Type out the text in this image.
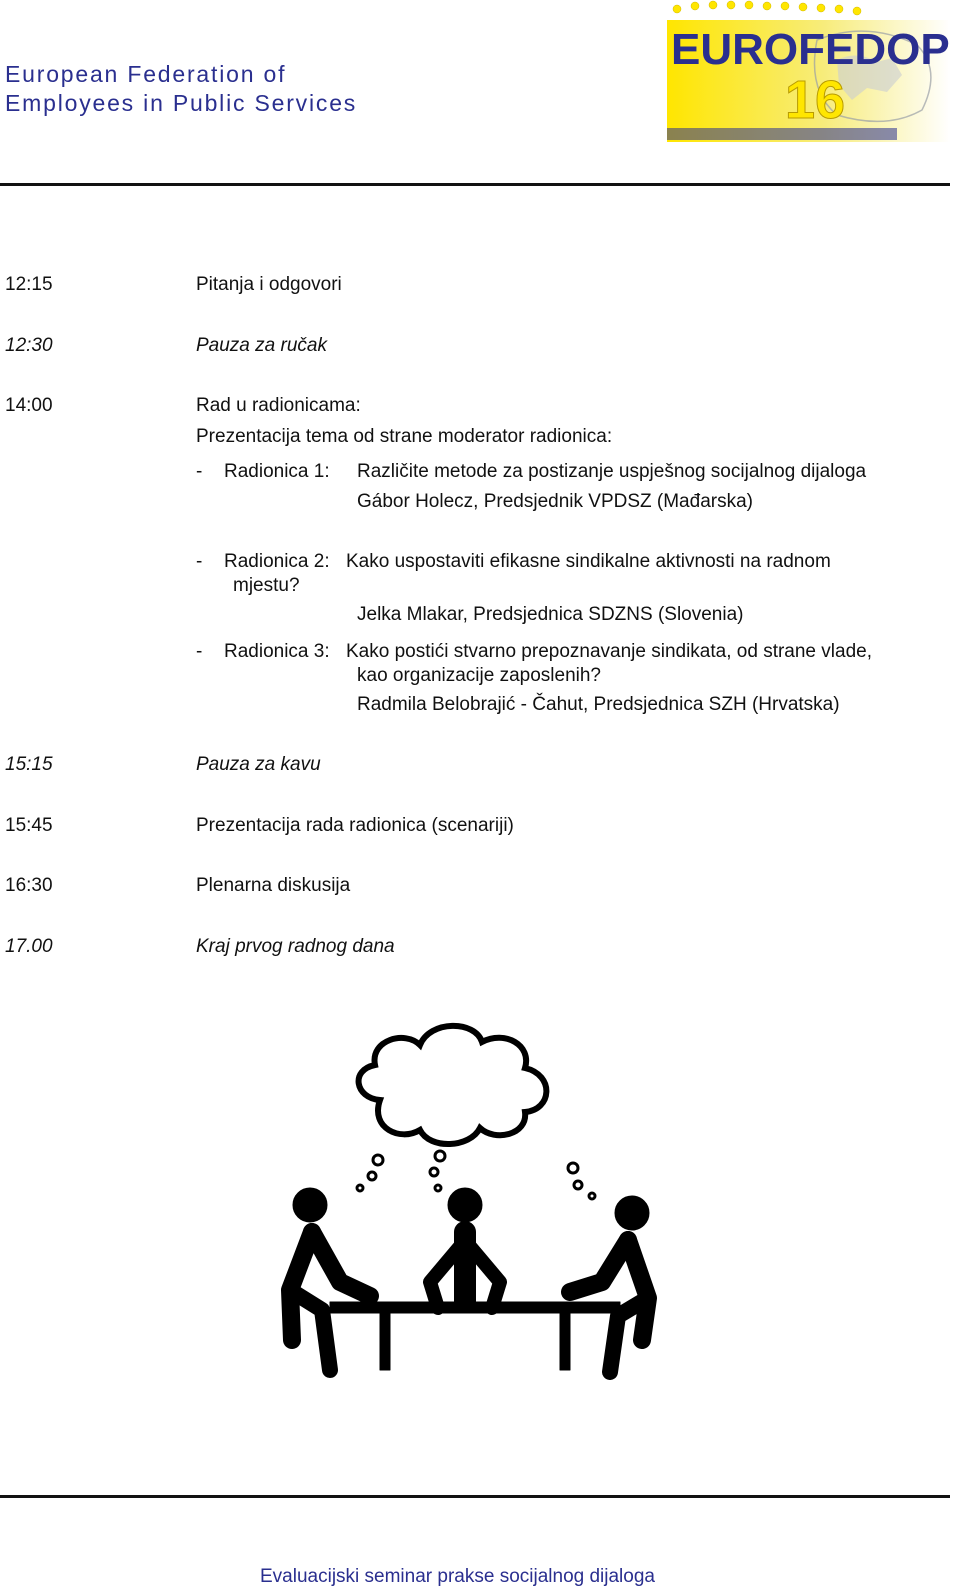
European Federation of
Employees in Public Services
EUROFEDOP
16
12:15	Pitanja i odgovori
12:30	Pauza za ručak
14:00	Rad u radionicama:
Prezentacija tema od strane moderator radionica:
- Radionica 1: Različite metode za postizanje uspješnog socijalnog dijaloga
Gábor Holecz, Predsjednik VPDSZ (Mađarska)
- Radionica 2: Kako uspostaviti efikasne sindikalne aktivnosti na radnom
mjestu?
Jelka Mlakar, Predsjednica SDZNS (Slovenia)
- Radionica 3: Kako postići stvarno prepoznavanje sindikata, od strane vlade,
kao organizacije zaposlenih?
Radmila Belobrajić - Čahut, Predsjednica SZH (Hrvatska)
15:15	Pauza za kavu
15:45	Prezentacija rada radionica (scenariji)
16:30	Plenarna diskusija
17.00	Kraj prvog radnog dana
Evaluacijski seminar prakse socijalnog dijaloga
